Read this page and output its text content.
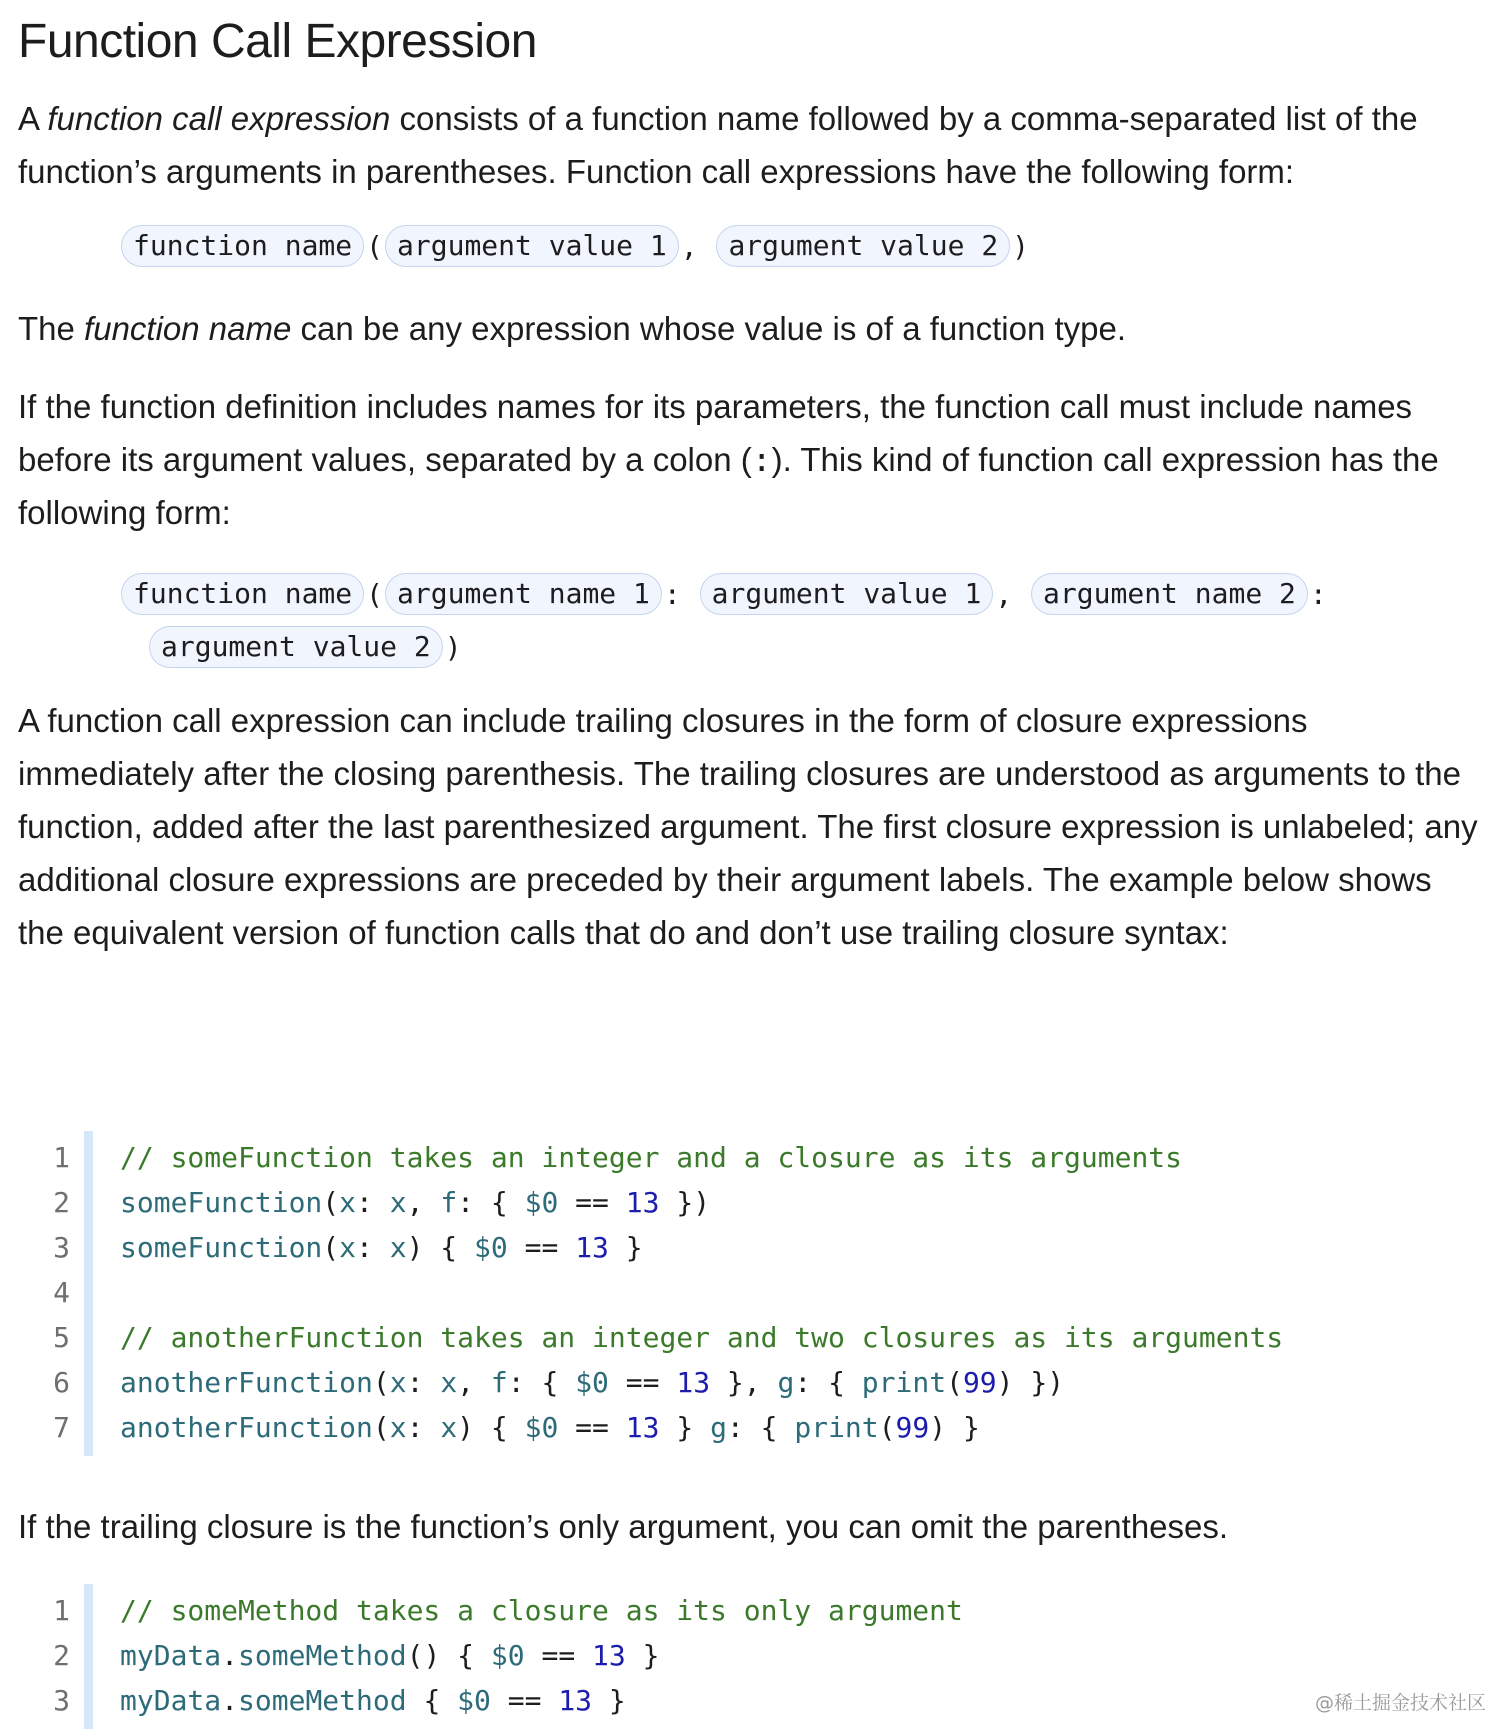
Function Call Expression

A function call expression consists of a function name followed by a comma-separated list of the function’s arguments in parentheses. Function call expressions have the following form:

function name ( argument value 1 , argument value 2 )

The function name can be any expression whose value is of a function type.

If the function definition includes names for its parameters, the function call must include names before its argument values, separated by a colon (:). This kind of function call expression has the following form:

function name ( argument name 1 : argument value 1 , argument name 2 :
argument value 2 )

A function call expression can include trailing closures in the form of closure expressions immediately after the closing parenthesis. The trailing closures are understood as arguments to the function, added after the last parenthesized argument. The first closure expression is unlabeled; any additional closure expressions are preceded by their argument labels. The example below shows the equivalent version of function calls that do and don’t use trailing closure syntax:

1 // someFunction takes an integer and a closure as its arguments
2 someFunction(x: x, f: { $0 == 13 })
3 someFunction(x: x) { $0 == 13 }
4
5 // anotherFunction takes an integer and two closures as its arguments
6 anotherFunction(x: x, f: { $0 == 13 }, g: { print(99) })
7 anotherFunction(x: x) { $0 == 13 } g: { print(99) }

If the trailing closure is the function’s only argument, you can omit the parentheses.

1 // someMethod takes a closure as its only argument
2 myData.someMethod() { $0 == 13 }
3 myData.someMethod { $0 == 13 }	@稀土掘金技术社区
